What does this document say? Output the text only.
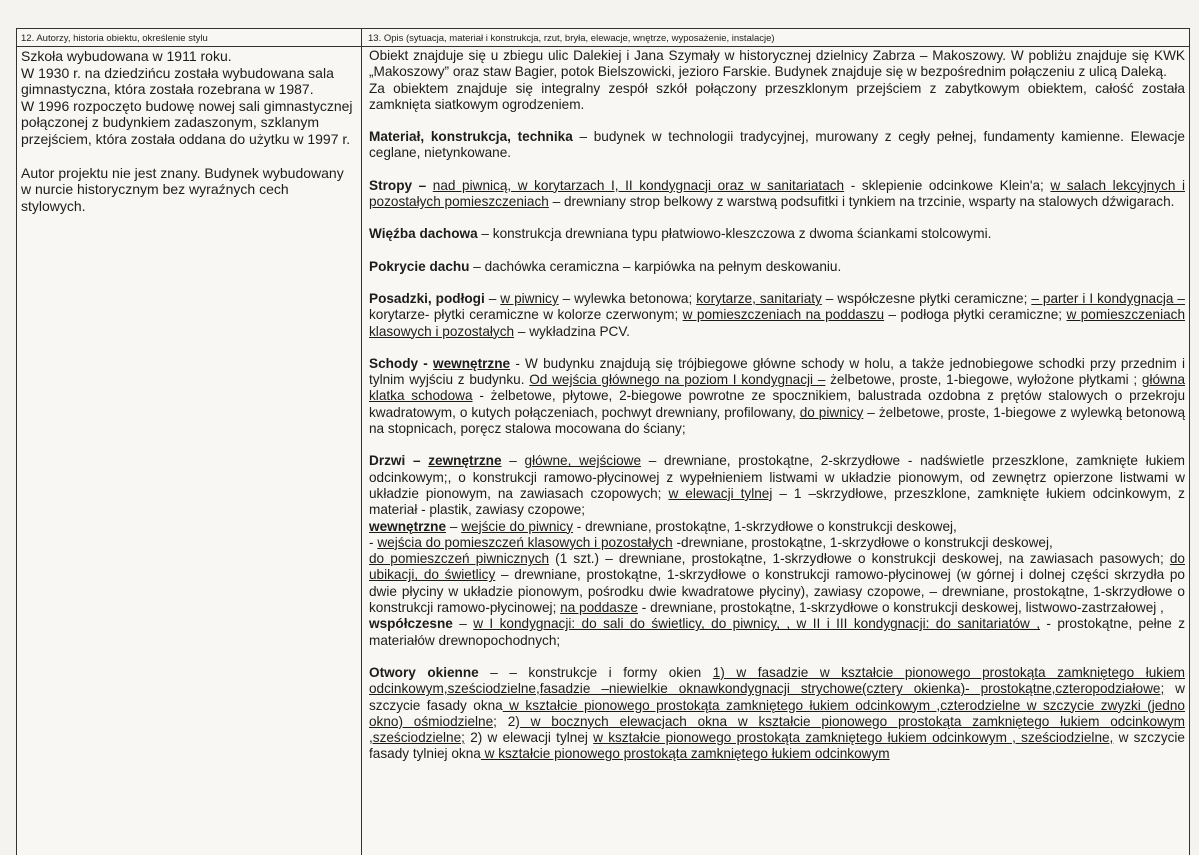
12. Autorzy, historia obiektu, określenie stylu	13. Opis (sytuacja, materiał i konstrukcja, rzut, bryła, elewacje, wnętrze, wyposażenie, instalacje)

Szkoła wybudowana w 1911 roku.

W 1930 r. na dziedzińcu została wybudowana sala gimnastyczna, która została rozebrana w 1987.

W 1996 rozpoczęto budowę nowej sali gimnastycznej połączonej z budynkiem zadaszonym, szklanym przejściem, która została oddana do użytku w 1997 r.

Autor projektu nie jest znany. Budynek wybudowany w nurcie historycznym bez wyraźnych cech stylowych.

Obiekt znajduje się u zbiegu ulic Dalekiej i Jana Szymały w historycznej dzielnicy Zabrza – Makoszowy. W pobliżu znajduje się KWK „Makoszowy” oraz staw Bagier, potok Bielszowicki, jezioro Farskie. Budynek znajduje się w bezpośrednim połączeniu z ulicą Daleką.

Za obiektem znajduje się integralny zespół szkół połączony przeszklonym przejściem z zabytkowym obiektem, całość została zamknięta siatkowym ogrodzeniem.

Materiał, konstrukcja, technika – budynek w technologii tradycyjnej, murowany z cegły pełnej, fundamenty kamienne. Elewacje ceglane, nietynkowane.

Stropy – nad piwnicą, w korytarzach I, II kondygnacji oraz w sanitariatach - sklepienie odcinkowe Klein'a; w salach lekcyjnych i pozostałych pomieszczeniach – drewniany strop belkowy z warstwą podsufitki i tynkiem na trzcinie, wsparty na stalowych dźwigarach.

Więźba dachowa – konstrukcja drewniana typu płatwiowo-kleszczowa z dwoma ściankami stolcowymi.

Pokrycie dachu – dachówka ceramiczna – karpiówka na pełnym deskowaniu.

Posadzki, podłogi – w piwnicy – wylewka betonowa; korytarze, sanitariaty – współczesne płytki ceramiczne; – parter i I kondygnacja – korytarze- płytki ceramiczne w kolorze czerwonym; w pomieszczeniach na poddaszu – podłoga płytki ceramiczne; w pomieszczeniach klasowych i pozostałych – wykładzina PCV.

Schody - wewnętrzne - W budynku znajdują się trójbiegowe główne schody w holu, a także jednobiegowe schodki przy przednim i tylnim wyjściu z budynku. Od wejścia głównego na poziom I kondygnacji – żelbetowe, proste, 1-biegowe, wyłożone płytkami ; główna klatka schodowa - żelbetowe, płytowe, 2-biegowe powrotne ze spocznikiem, balustrada ozdobna z prętów stalowych o przekroju kwadratowym, o kutych połączeniach, pochwyt drewniany, profilowany, do piwnicy – żelbetowe, proste, 1-biegowe z wylewką betonową na stopnicach, poręcz stalowa mocowana do ściany;

Drzwi – zewnętrzne – główne, wejściowe – drewniane, prostokątne, 2-skrzydłowe - nadświetle przeszklone, zamknięte łukiem odcinkowym;, o konstrukcji ramowo-płycinowej z wypełnieniem listwami w układzie pionowym, od zewnętrz opierzone listwami w układzie pionowym, na zawiasach czopowych; w elewacji tylnej – 1 –skrzydłowe, przeszklone, zamknięte łukiem odcinkowym, z materiał - plastik, zawiasy czopowe;

wewnętrzne – wejście do piwnicy - drewniane, prostokątne, 1-skrzydłowe o konstrukcji deskowej,

- wejścia do pomieszczeń klasowych i pozostałych -drewniane, prostokątne, 1-skrzydłowe o konstrukcji deskowej,

do pomieszczeń piwnicznych (1 szt.) – drewniane, prostokątne, 1-skrzydłowe o konstrukcji deskowej, na zawiasach pasowych; do ubikacji, do świetlicy – drewniane, prostokątne, 1-skrzydłowe o konstrukcji ramowo-płycinowej (w górnej i dolnej części skrzydła po dwie płyciny w układzie pionowym, pośrodku dwie kwadratowe płyciny), zawiasy czopowe, – drewniane, prostokątne, 1-skrzydłowe o konstrukcji ramowo-płycinowej; na poddasze - drewniane, prostokątne, 1-skrzydłowe o konstrukcji deskowej, listwowo-zastrzałowej ,

współczesne – w I kondygnacji: do sali do świetlicy, do piwnicy, , w II i III kondygnacji: do sanitariatów , - prostokątne, pełne z materiałów drewnopochodnych;

Otwory okienne – – konstrukcje i formy okien 1) w fasadzie w kształcie pionowego prostokąta zamkniętego łukiem odcinkowym,sześciodzielne,fasadzie –niewielkie oknawkondygnacji strychowe(cztery okienka)- prostokątne,czteropodziałowe; w szczycie fasady okna w kształcie pionowego prostokąta zamkniętego łukiem odcinkowym ,czterodzielne w szczycie zwyzki (jedno okno) ośmiodzielne; 2) w bocznych elewacjach okna w kształcie pionowego prostokąta zamkniętego łukiem odcinkowym ,sześciodzielne; 2) w elewacji tylnej w kształcie pionowego prostokąta zamkniętego łukiem odcinkowym , sześciodzielne, w szczycie fasady tylniej okna w kształcie pionowego prostokąta zamkniętego łukiem odcinkowym
